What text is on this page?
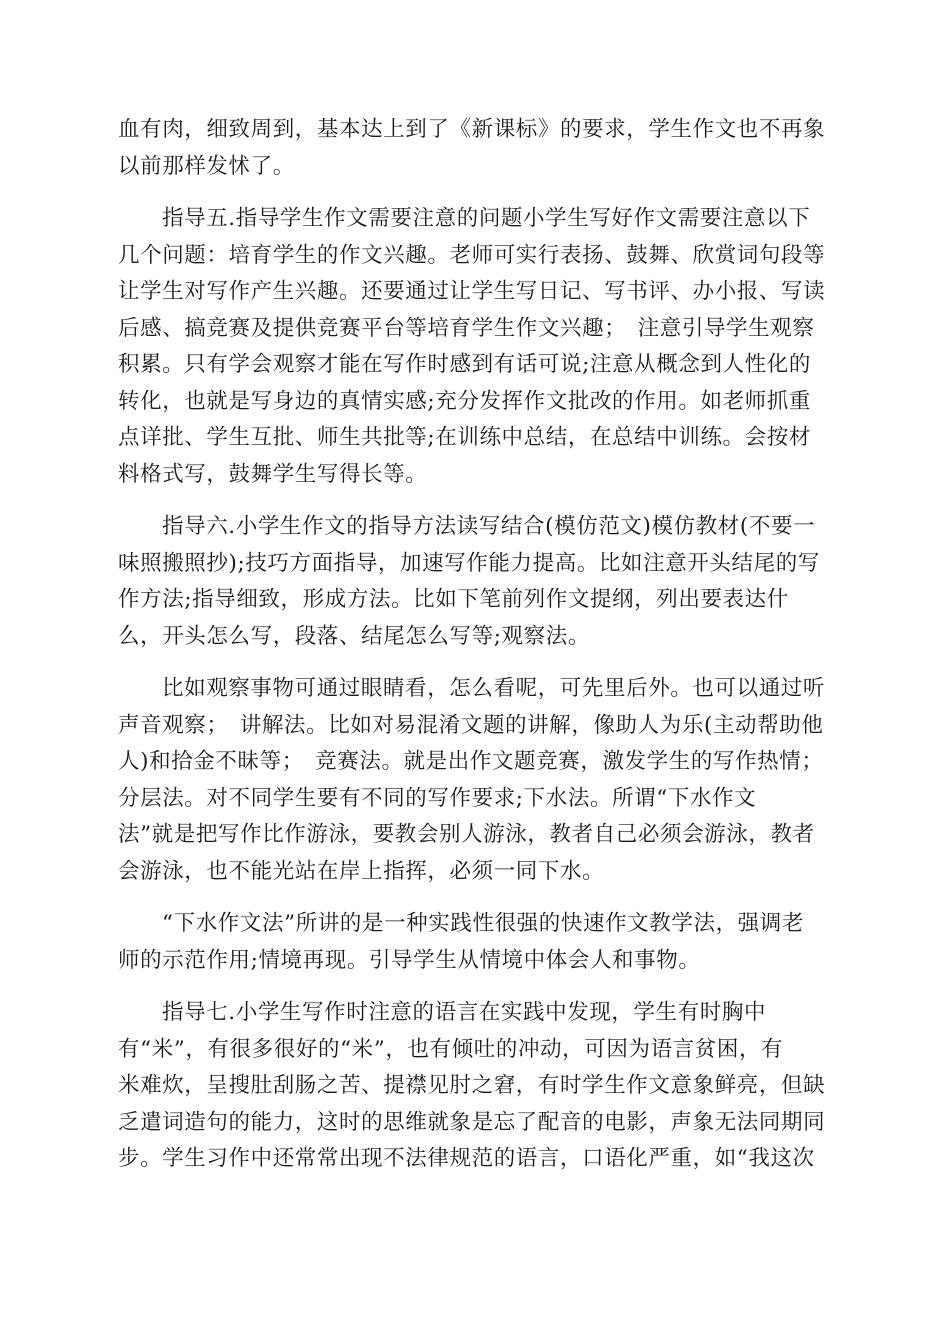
血有肉，细致周到，基本达上到了《新课标》的要求，学生作文也不再象
以前那样发怵了。
指导五.指导学生作文需要注意的问题小学生写好作文需要注意以下
几个问题：培育学生的作文兴趣。老师可实行表扬、鼓舞、欣赏词句段等
让学生对写作产生兴趣。还要通过让学生写日记、写书评、办小报、写读
后感、搞竞赛及提供竞赛平台等培育学生作文兴趣；　注意引导学生观察
积累。只有学会观察才能在写作时感到有话可说;注意从概念到人性化的
转化，也就是写身边的真情实感;充分发挥作文批改的作用。如老师抓重
点详批、学生互批、师生共批等;在训练中总结，在总结中训练。会按材
料格式写，鼓舞学生写得长等。
指导六.小学生作文的指导方法读写结合(模仿范文)模仿教材(不要一
味照搬照抄);技巧方面指导，加速写作能力提高。比如注意开头结尾的写
作方法;指导细致，形成方法。比如下笔前列作文提纲，列出要表达什
么，开头怎么写，段落、结尾怎么写等;观察法。
比如观察事物可通过眼睛看，怎么看呢，可先里后外。也可以通过听
声音观察；　讲解法。比如对易混淆文题的讲解，像助人为乐(主动帮助他
人)和拾金不昧等；　竞赛法。就是出作文题竞赛，激发学生的写作热情；
分层法。对不同学生要有不同的写作要求;下水法。所谓“下水作文
法”就是把写作比作游泳，要教会别人游泳，教者自己必须会游泳，教者
会游泳，也不能光站在岸上指挥，必须一同下水。
“下水作文法”所讲的是一种实践性很强的快速作文教学法，强调老
师的示范作用;情境再现。引导学生从情境中体会人和事物。
指导七.小学生写作时注意的语言在实践中发现，学生有时胸中
有“米”，有很多很好的“米”，也有倾吐的冲动，可因为语言贫困，有
米难炊，呈搜肚刮肠之苦、提襟见肘之窘，有时学生作文意象鲜亮，但缺
乏遣词造句的能力，这时的思维就象是忘了配音的电影，声象无法同期同
步。学生习作中还常常出现不法律规范的语言，口语化严重，如“我这次
